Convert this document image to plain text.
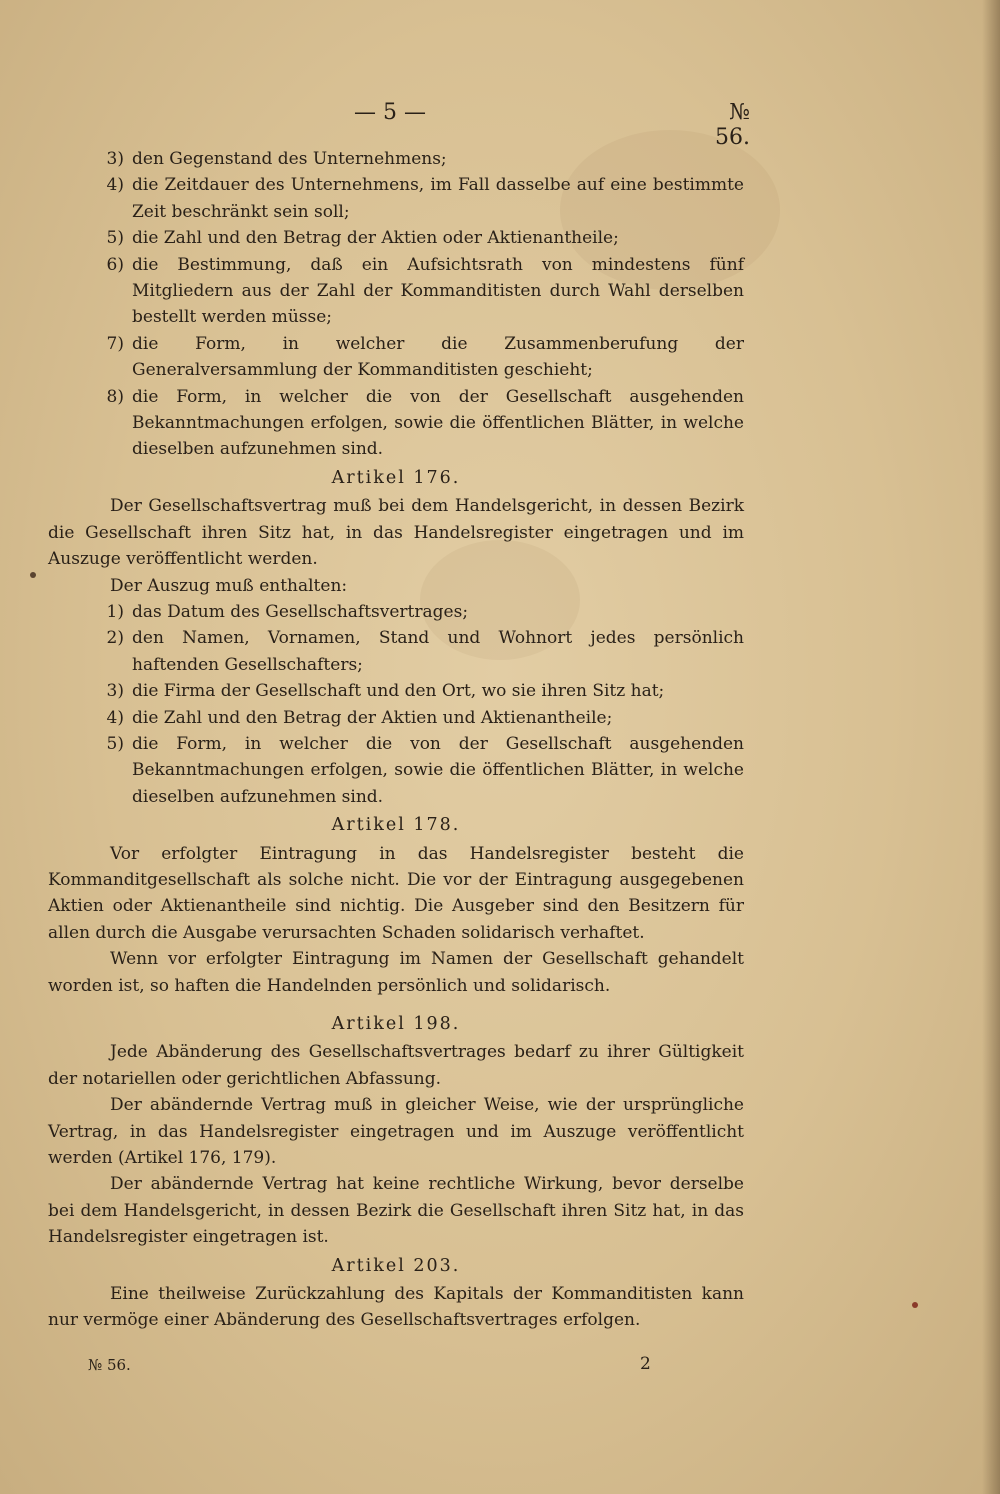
— 5 —	№ 56.
3) den Gegenstand des Unternehmens;
4) die Zeitdauer des Unternehmens, im Fall dasselbe auf eine bestimmte Zeit beschränkt sein soll;
5) die Zahl und den Betrag der Aktien oder Aktienantheile;
6) die Bestimmung, daß ein Aufsichtsrath von mindestens fünf Mitgliedern aus der Zahl der Kommanditisten durch Wahl derselben bestellt werden müsse;
7) die Form, in welcher die Zusammenberufung der Generalversammlung der Kommanditisten geschieht;
8) die Form, in welcher die von der Gesellschaft ausgehenden Bekanntmachungen erfolgen, sowie die öffentlichen Blätter, in welche dieselben aufzunehmen sind.
Artikel 176.

Der Gesellschaftsvertrag muß bei dem Handelsgericht, in dessen Bezirk die Gesellschaft ihren Sitz hat, in das Handelsregister eingetragen und im Auszuge veröffentlicht werden.

Der Auszug muß enthalten:

1) das Datum des Gesellschaftsvertrages;
2) den Namen, Vornamen, Stand und Wohnort jedes persönlich haftenden Gesellschafters;
3) die Firma der Gesellschaft und den Ort, wo sie ihren Sitz hat;
4) die Zahl und den Betrag der Aktien und Aktienantheile;
5) die Form, in welcher die von der Gesellschaft ausgehenden Bekanntmachungen erfolgen, sowie die öffentlichen Blätter, in welche dieselben aufzunehmen sind.
Artikel 178.

Vor erfolgter Eintragung in das Handelsregister besteht die Kommanditgesellschaft als solche nicht. Die vor der Eintragung ausgegebenen Aktien oder Aktienantheile sind nichtig. Die Ausgeber sind den Besitzern für allen durch die Ausgabe verursachten Schaden solidarisch verhaftet.

Wenn vor erfolgter Eintragung im Namen der Gesellschaft gehandelt worden ist, so haften die Handelnden persönlich und solidarisch.

Artikel 198.

Jede Abänderung des Gesellschaftsvertrages bedarf zu ihrer Gültigkeit der notariellen oder gerichtlichen Abfassung.

Der abändernde Vertrag muß in gleicher Weise, wie der ursprüngliche Vertrag, in das Handelsregister eingetragen und im Auszuge veröffentlicht werden (Artikel 176, 179).

Der abändernde Vertrag hat keine rechtliche Wirkung, bevor derselbe bei dem Handelsgericht, in dessen Bezirk die Gesellschaft ihren Sitz hat, in das Handelsregister eingetragen ist.

Artikel 203.

Eine theilweise Zurückzahlung des Kapitals der Kommanditisten kann nur vermöge einer Abänderung des Gesellschaftsvertrages erfolgen.

№ 56.	2
